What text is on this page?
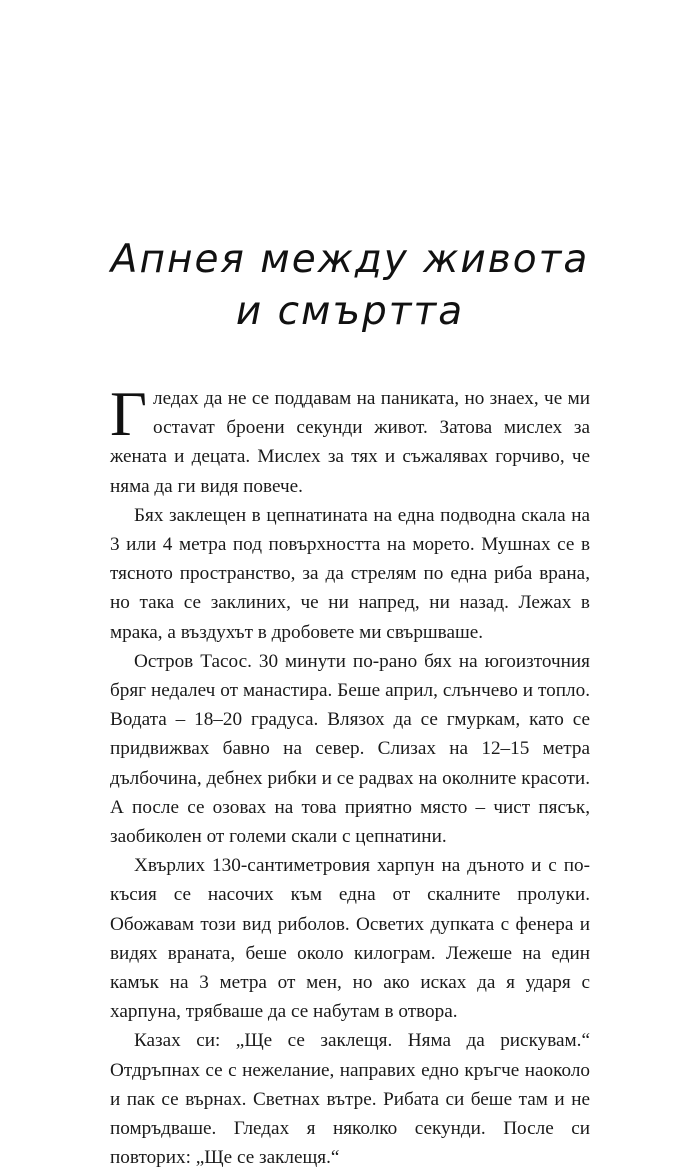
Апнея между живота
и смъртта

Гледах да не се поддавам на паниката, но знаех, че ми остаvат броени секунди живот. Затова мислех за жената и децата. Мислех за тях и съжалявах горчиво, че няма да ги видя повече.

Бях заклещен в цепнатината на една подводна скала на 3 или 4 метра под повърхността на морето. Мушнах се в тясното пространство, за да стрелям по една риба врана, но така се заклиних, че ни напред, ни назад. Лежах в мрака, а въздухът в дробовете ми свършваше.

Остров Тасос. 30 минути по-рано бях на югоизточния бряг недалеч от манастира. Беше април, слънчево и топло. Водата – 18–20 градуса. Влязох да се гмуркам, като се придвижвах бавно на север. Слизах на 12–15 метра дълбочина, дебнех рибки и се радвах на околните красоти. А после се озовах на това приятно място – чист пясък, заобиколен от големи скали с цепнатини.

Хвърлих 130-сантиметровия харпун на дъното и с по-късия се насочих към една от скалните пролуки. Обожавам този вид риболов. Осветих дупката с фенера и видях враната, беше около килограм. Лежеше на един камък на 3 метра от мен, но ако исках да я ударя с харпуна, трябваше да се набутам в отвора.

Казах си: „Ще се заклещя. Няма да рискувам.“ Отдръпнах се с нежелание, направих едно кръгче наоколо и пак се върнах. Светнах вътре. Рибата си беше там и не помръдваше. Гледах я няколко секунди. После си повторих: „Ще се заклещя.“
